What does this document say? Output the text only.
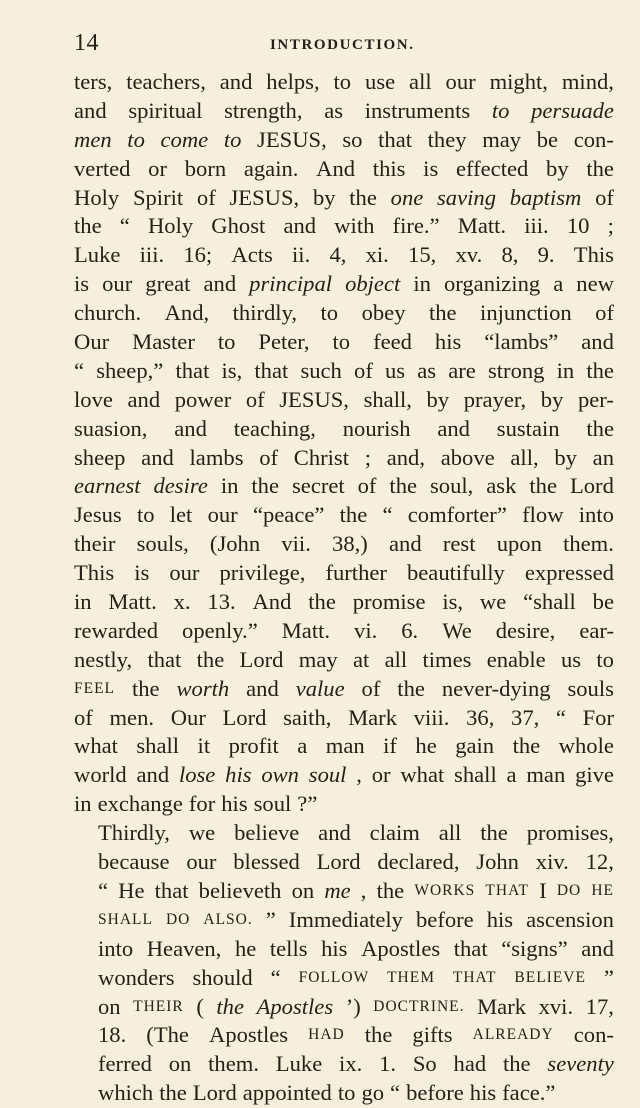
14	INTRODUCTION.
ters, teachers, and helps, to use all our might, mind,
and spiritual strength, as instruments to persuade
men to come to JESUS, so that they may be con-
verted or born again. And this is effected by the
Holy Spirit of JESUS, by the one saving baptism of
the “ Holy Ghost and with fire.” Matt. iii. 10 ;
Luke iii. 16; Acts ii. 4, xi. 15, xv. 8, 9. This
is our great and principal object in organizing a new
church. And, thirdly, to obey the injunction of
Our Master to Peter, to feed his “lambs” and
“ sheep,” that is, that such of us as are strong in the
love and power of JESUS, shall, by prayer, by per-
suasion, and teaching, nourish and sustain the
sheep and lambs of Christ ; and, above all, by an
earnest desire in the secret of the soul, ask the Lord
Jesus to let our “peace” the “ comforter” flow into
their souls, (John vii. 38,) and rest upon them.
This is our privilege, further beautifully expressed
in Matt. x. 13. And the promise is, we “shall be
rewarded openly.” Matt. vi. 6. We desire, ear-
nestly, that the Lord may at all times enable us to
FEEL the worth and value of the never-dying souls
of men. Our Lord saith, Mark viii. 36, 37, “ For
what shall it profit a man if he gain the whole
world and lose his own soul , or what shall a man give
in exchange for his soul ?”
Thirdly, we believe and claim all the promises,
because our blessed Lord declared, John xiv. 12,
“ He that believeth on me , the WORKS THAT I DO HE
SHALL DO ALSO. ” Immediately before his ascension
into Heaven, he tells his Apostles that “signs” and
wonders should “ FOLLOW THEM THAT BELIEVE ”
on THEIR ( the Apostles ’) DOCTRINE. Mark xvi. 17,
18. (The Apostles HAD the gifts ALREADY con-
ferred on them. Luke ix. 1. So had the seventy
which the Lord appointed to go “ before his face.”
